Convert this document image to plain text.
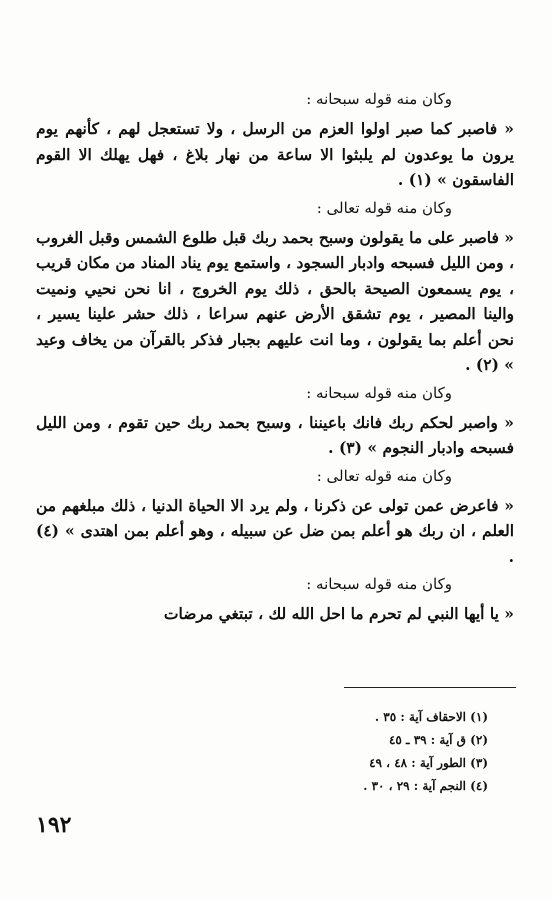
وكان منه قوله سبحانه :
« فاصبر كما صبر اولوا العزم من الرسل ، ولا تستعجل لهم ، كأنهم يوم يرون ما يوعدون لم يلبثوا الا ساعة من نهار بلاغ ، فهل يهلك الا القوم الفاسقون » (١) .
وكان منه قوله تعالى :
« فاصبر على ما يقولون وسبح بحمد ربك قبل طلوع الشمس وقبل الغروب ، ومن الليل فسبحه وادبار السجود ، واستمع يوم يناد المناد من مكان قريب ، يوم يسمعون الصيحة بالحق ، ذلك يوم الخروج ، انا نحن نحيي ونميت والينا المصير ، يوم تشقق الأرض عنهم سراعا ، ذلك حشر علينا يسير ، نحن أعلم بما يقولون ، وما انت عليهم بجبار فذكر بالقرآن من يخاف وعيد » (٢) .
وكان منه قوله سبحانه :
« واصبر لحكم ربك فانك باعيننا ، وسبح بحمد ربك حين تقوم ، ومن الليل فسبحه وادبار النجوم » (٣) .
وكان منه قوله تعالى :
« فاعرض عمن تولى عن ذكرنا ، ولم يرد الا الحياة الدنيا ، ذلك مبلغهم من العلم ، ان ربك هو أعلم بمن ضل عن سبيله ، وهو أعلم بمن اهتدى » (٤) .
وكان منه قوله سبحانه :
« يا أيها النبي لم تحرم ما احل الله لك ، تبتغي مرضات
(١) الاحقاف آية : ٣٥ .
(٢) ق آية : ٣٩ ـ ٤٥
(٣) الطور آية : ٤٨ ، ٤٩
(٤) النجم آية : ٢٩ ، ٣٠ .
١٩٢
